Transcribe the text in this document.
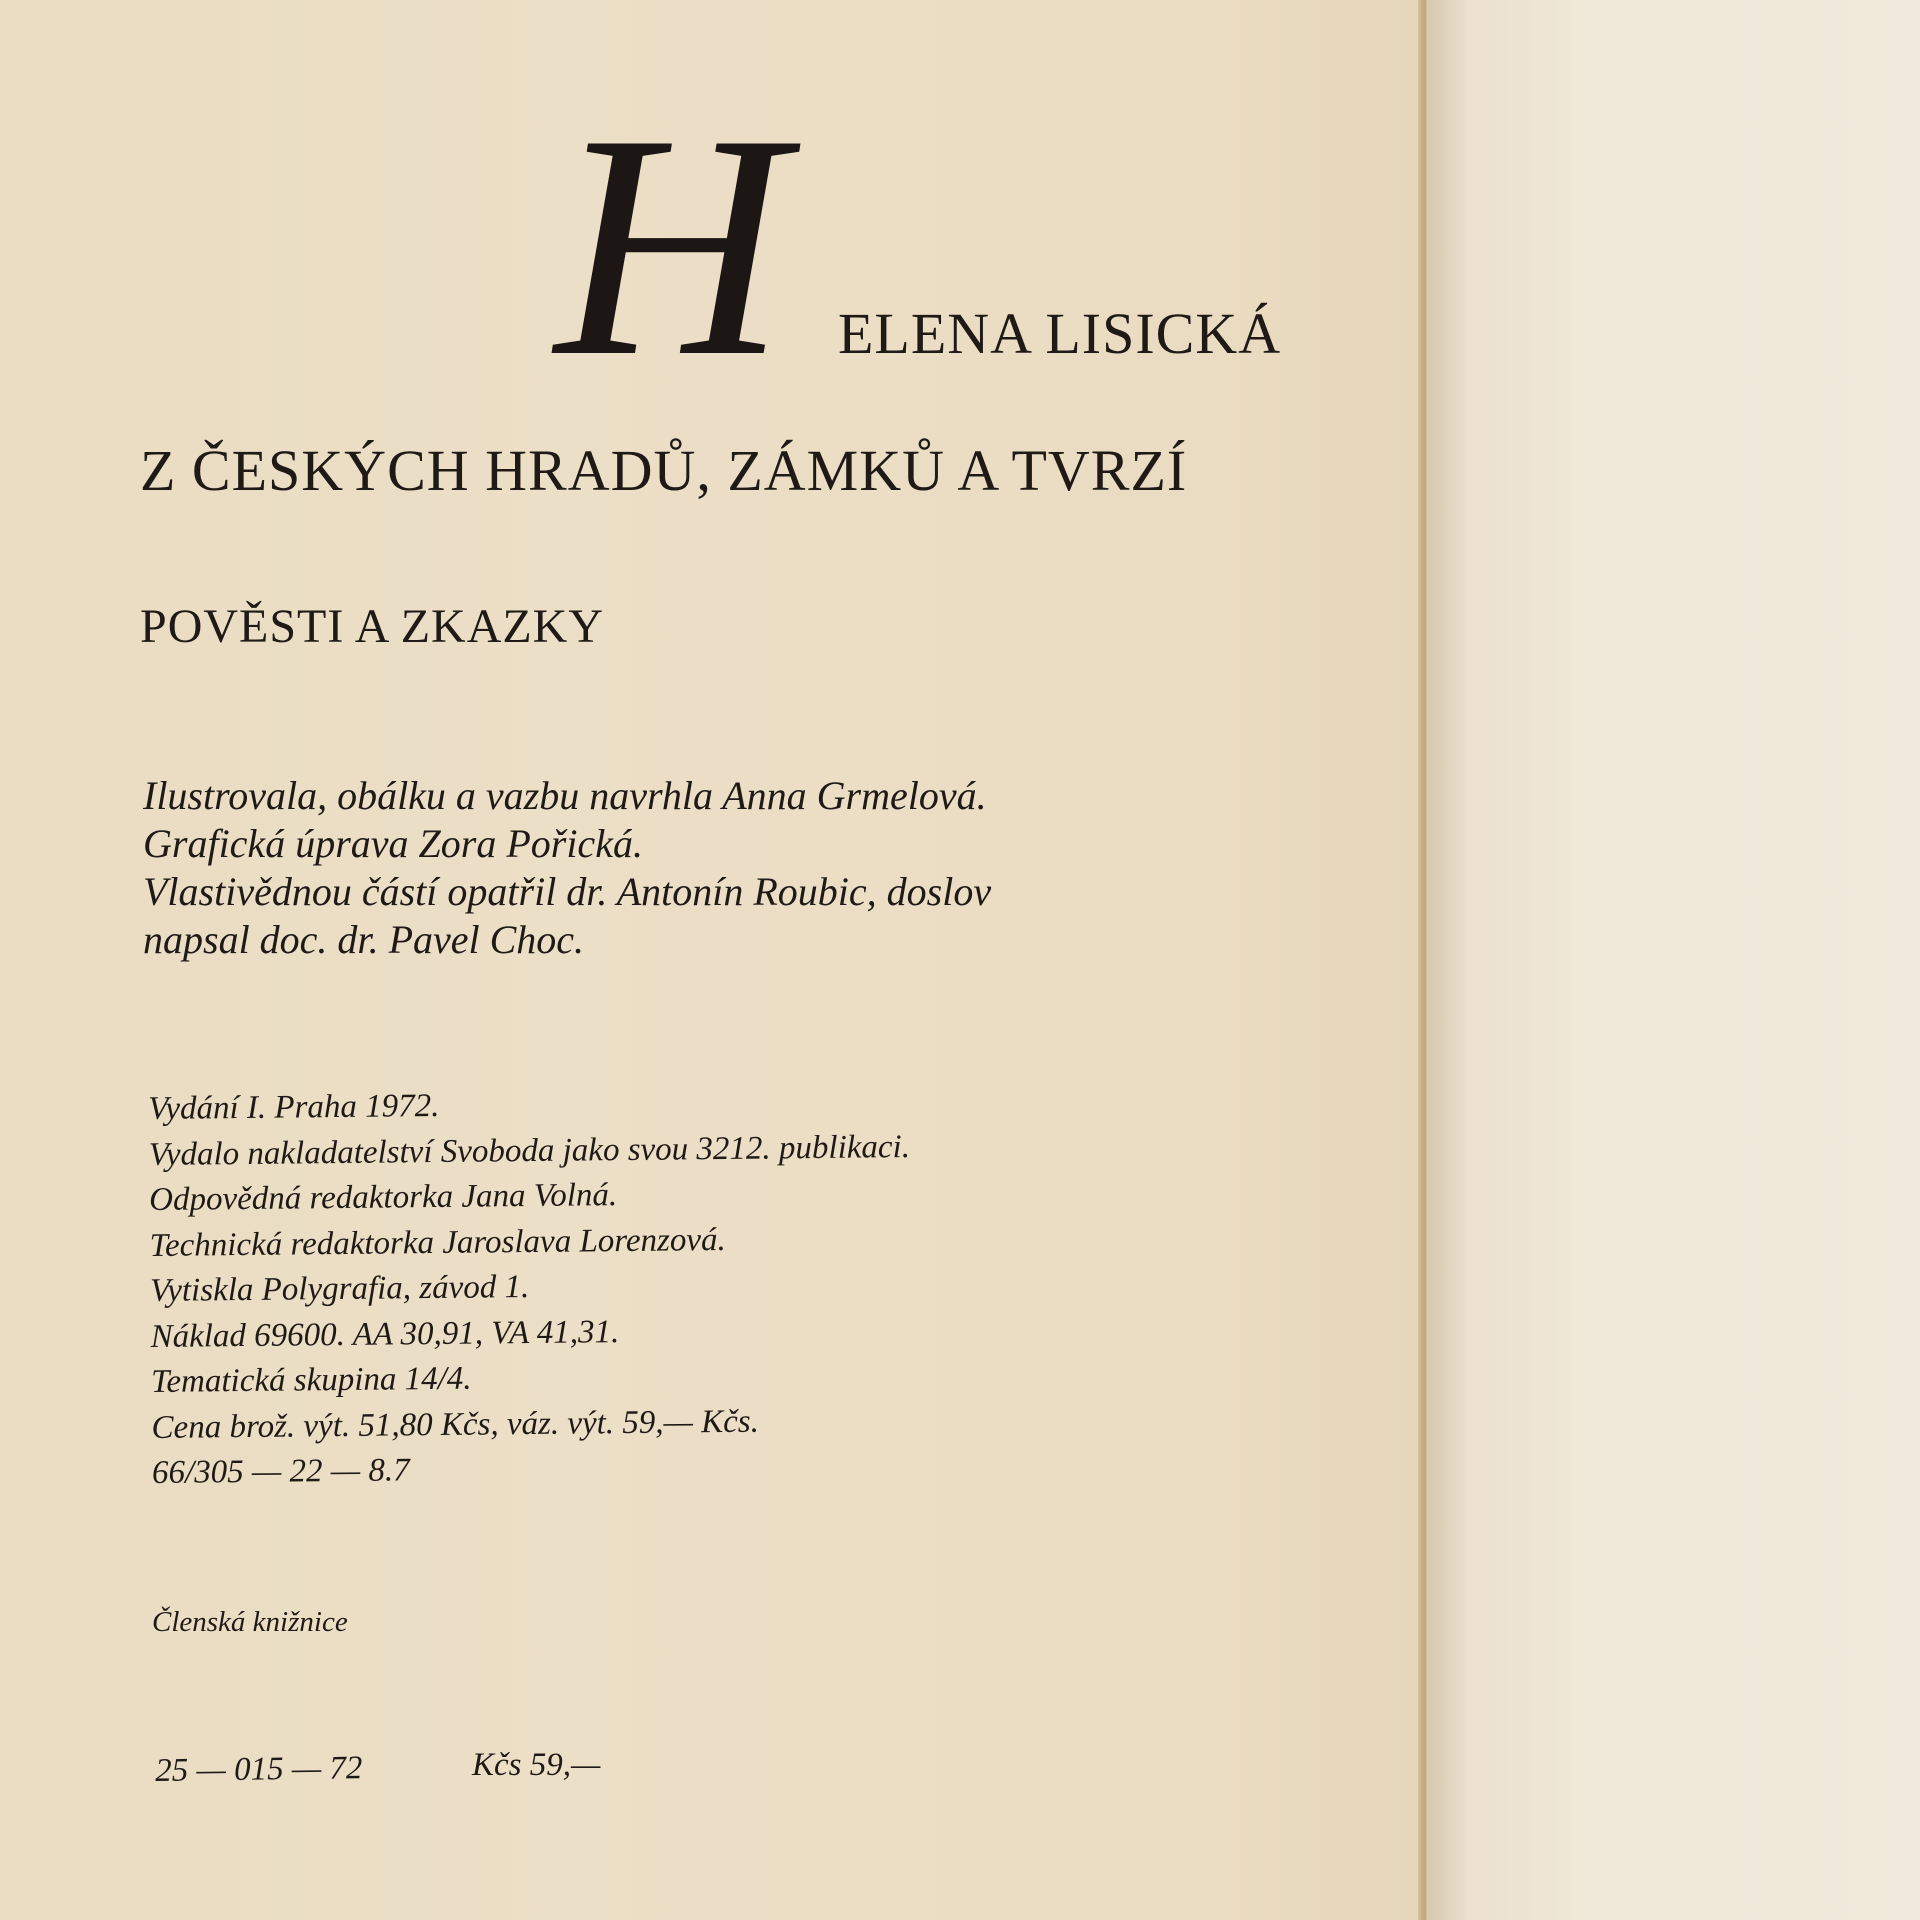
H ELENA LISICKÁ
Z ČESKÝCH HRADŮ, ZÁMKŮ A TVRZÍ
POVĚSTI A ZKAZKY
Ilustrovala, obálku a vazbu navrhla Anna Grmelová.
Grafická úprava Zora Pořická.
Vlastivědnou částí opatřil dr. Antonín Roubic, doslov
napsal doc. dr. Pavel Choc.
Vydání I. Praha 1972.
Vydalo nakladatelství Svoboda jako svou 3212. publikaci.
Odpovědná redaktorka Jana Volná.
Technická redaktorka Jaroslava Lorenzová.
Vytiskla Polygrafia, závod 1.
Náklad 69600. AA 30,91, VA 41,31.
Tematická skupina 14/4.
Cena brož. výt. 51,80 Kčs, váz. výt. 59,— Kčs.
66/305 — 22 — 8.7
Členská knižnice
25 — 015 — 72	Kčs 59,—
